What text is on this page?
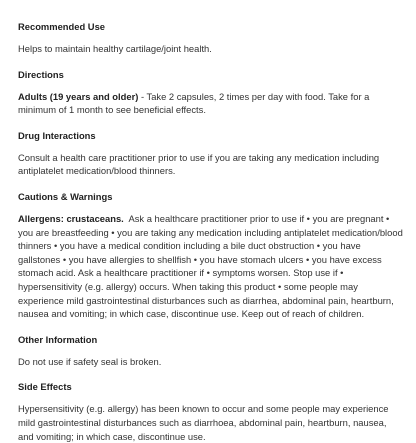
Recommended Use

Helps to maintain healthy cartilage/joint health.

Directions

Adults (19 years and older) - Take 2 capsules, 2 times per day with food. Take for a minimum of 1 month to see beneficial effects.

Drug Interactions

Consult a health care practitioner prior to use if you are taking any medication including antiplatelet medication/blood thinners.

Cautions & Warnings

Allergens: crustaceans.  Ask a healthcare practitioner prior to use if • you are pregnant • you are breastfeeding • you are taking any medication including antiplatelet medication/blood thinners • you have a medical condition including a bile duct obstruction • you have gallstones • you have allergies to shellfish • you have stomach ulcers • you have excess stomach acid. Ask a healthcare practitioner if • symptoms worsen. Stop use if • hypersensitivity (e.g. allergy) occurs. When taking this product • some people may experience mild gastrointestinal disturbances such as diarrhea, abdominal pain, heartburn, nausea and vomiting; in which case, discontinue use. Keep out of reach of children.

Other Information

Do not use if safety seal is broken.

Side Effects

Hypersensitivity (e.g. allergy) has been known to occur and some people may experience mild gastrointestinal disturbances such as diarrhoea, abdominal pain, heartburn, nausea, and vomiting; in which case, discontinue use.
